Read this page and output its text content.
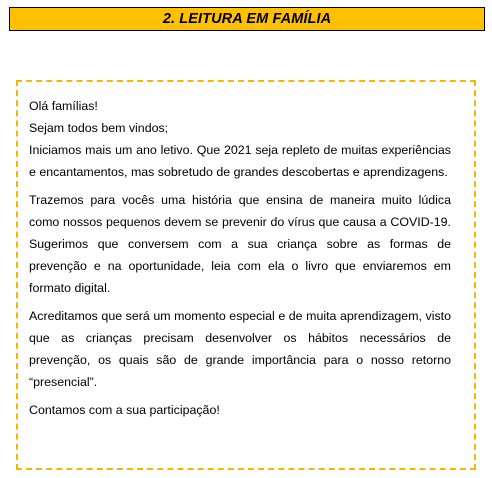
2. LEITURA EM FAMÍLIA

Olá famílias!

Sejam todos bem vindos;

Iniciamos mais um ano letivo. Que 2021 seja repleto de muitas experiências e encantamentos, mas sobretudo de grandes descobertas e aprendizagens.

Trazemos para vocês uma história que ensina de maneira muito lúdica como nossos pequenos devem se prevenir do vírus que causa a COVID-19. Sugerimos que conversem com a sua criança sobre as formas de prevenção e na oportunidade, leia com ela o livro que enviaremos em formato digital.

Acreditamos que será um momento especial e de muita aprendizagem, visto que as crianças precisam desenvolver os hábitos necessários de prevenção, os quais são de grande importância para o nosso retorno “presencial”.

Contamos com a sua participação!
